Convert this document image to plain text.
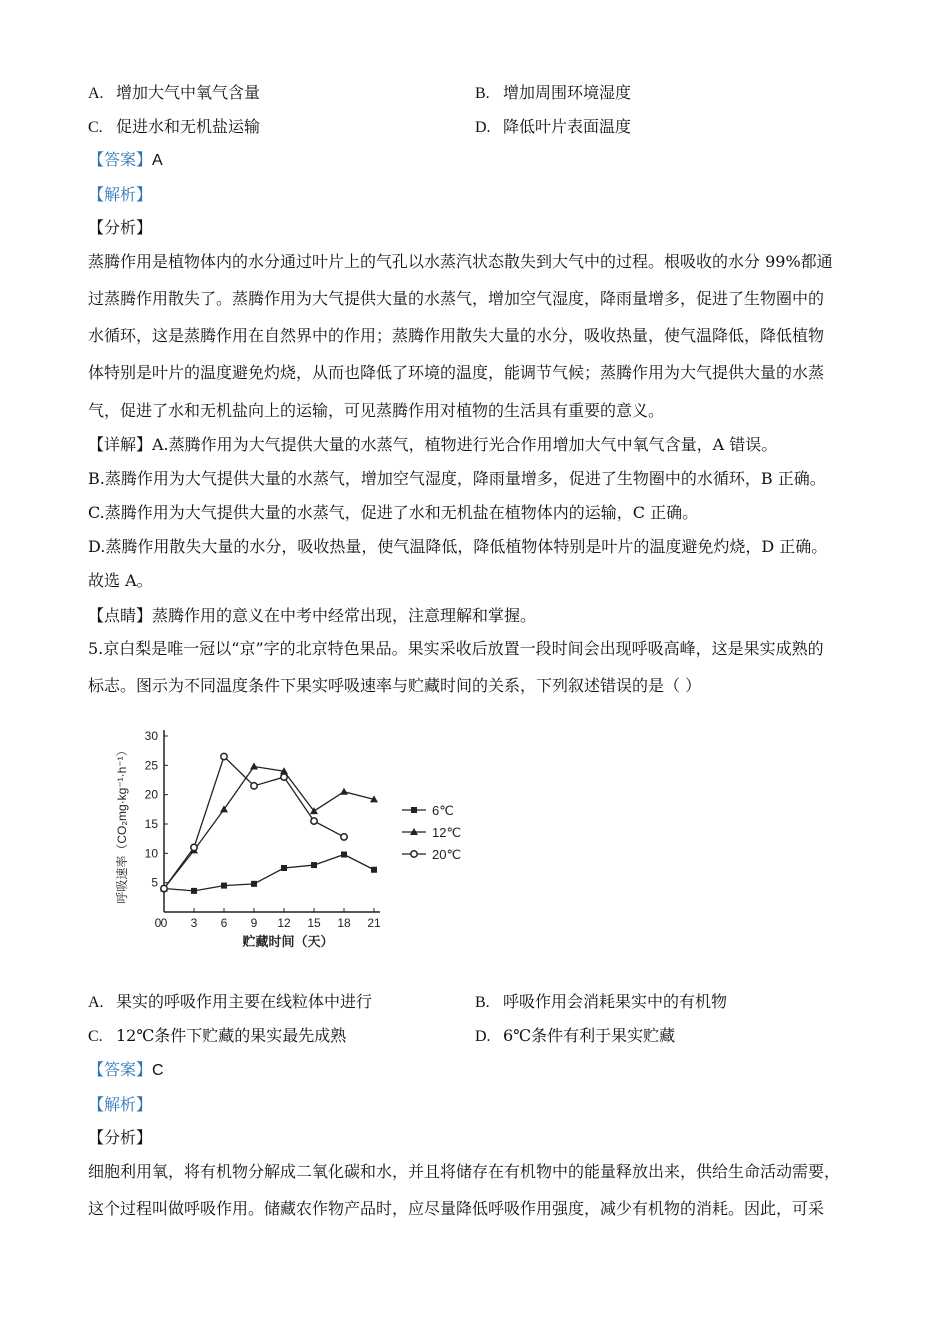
A. 增加大气中氧气含量	B. 增加周围环境湿度
C. 促进水和无机盐运输	D. 降低叶片表面温度
【答案】A
【解析】
【分析】
蒸腾作用是植物体内的水分通过叶片上的气孔以水蒸汽状态散失到大气中的过程。根吸收的水分 99%都通
过蒸腾作用散失了。蒸腾作用为大气提供大量的水蒸气，增加空气湿度，降雨量增多，促进了生物圈中的
水循环，这是蒸腾作用在自然界中的作用；蒸腾作用散失大量的水分，吸收热量，使气温降低，降低植物
体特别是叶片的温度避免灼烧，从而也降低了环境的温度，能调节气候；蒸腾作用为大气提供大量的水蒸
气，促进了水和无机盐向上的运输，可见蒸腾作用对植物的生活具有重要的意义。
【详解】A.蒸腾作用为大气提供大量的水蒸气，植物进行光合作用增加大气中氧气含量，A 错误。
B.蒸腾作用为大气提供大量的水蒸气，增加空气湿度，降雨量增多，促进了生物圈中的水循环，B 正确。
C.蒸腾作用为大气提供大量的水蒸气，促进了水和无机盐在植物体内的运输，C 正确。
D.蒸腾作用散失大量的水分，吸收热量，使气温降低，降低植物体特别是叶片的温度避免灼烧，D 正确。
故选 A。
【点睛】蒸腾作用的意义在中考中经常出现，注意理解和掌握。
5.京白梨是唯一冠以“京”字的北京特色果品。果实采收后放置一段时间会出现呼吸高峰，这是果实成熟的
标志。图示为不同温度条件下果实呼吸速率与贮藏时间的关系，下列叙述错误的是（ ）
0 3 6 9 12 15 18 21
0
5
10
15
20
25
30
6℃
12℃
20℃
呼吸速率（CO₂mg·kg⁻¹·h⁻¹）
贮藏时间（天）
A. 果实的呼吸作用主要在线粒体中进行	B. 呼吸作用会消耗果实中的有机物
C. 12℃条件下贮藏的果实最先成熟	D. 6℃条件有利于果实贮藏
【答案】C
【解析】
【分析】
细胞利用氧，将有机物分解成二氧化碳和水，并且将储存在有机物中的能量释放出来，供给生命活动需要，
这个过程叫做呼吸作用。储藏农作物产品时，应尽量降低呼吸作用强度，减少有机物的消耗。因此，可采
